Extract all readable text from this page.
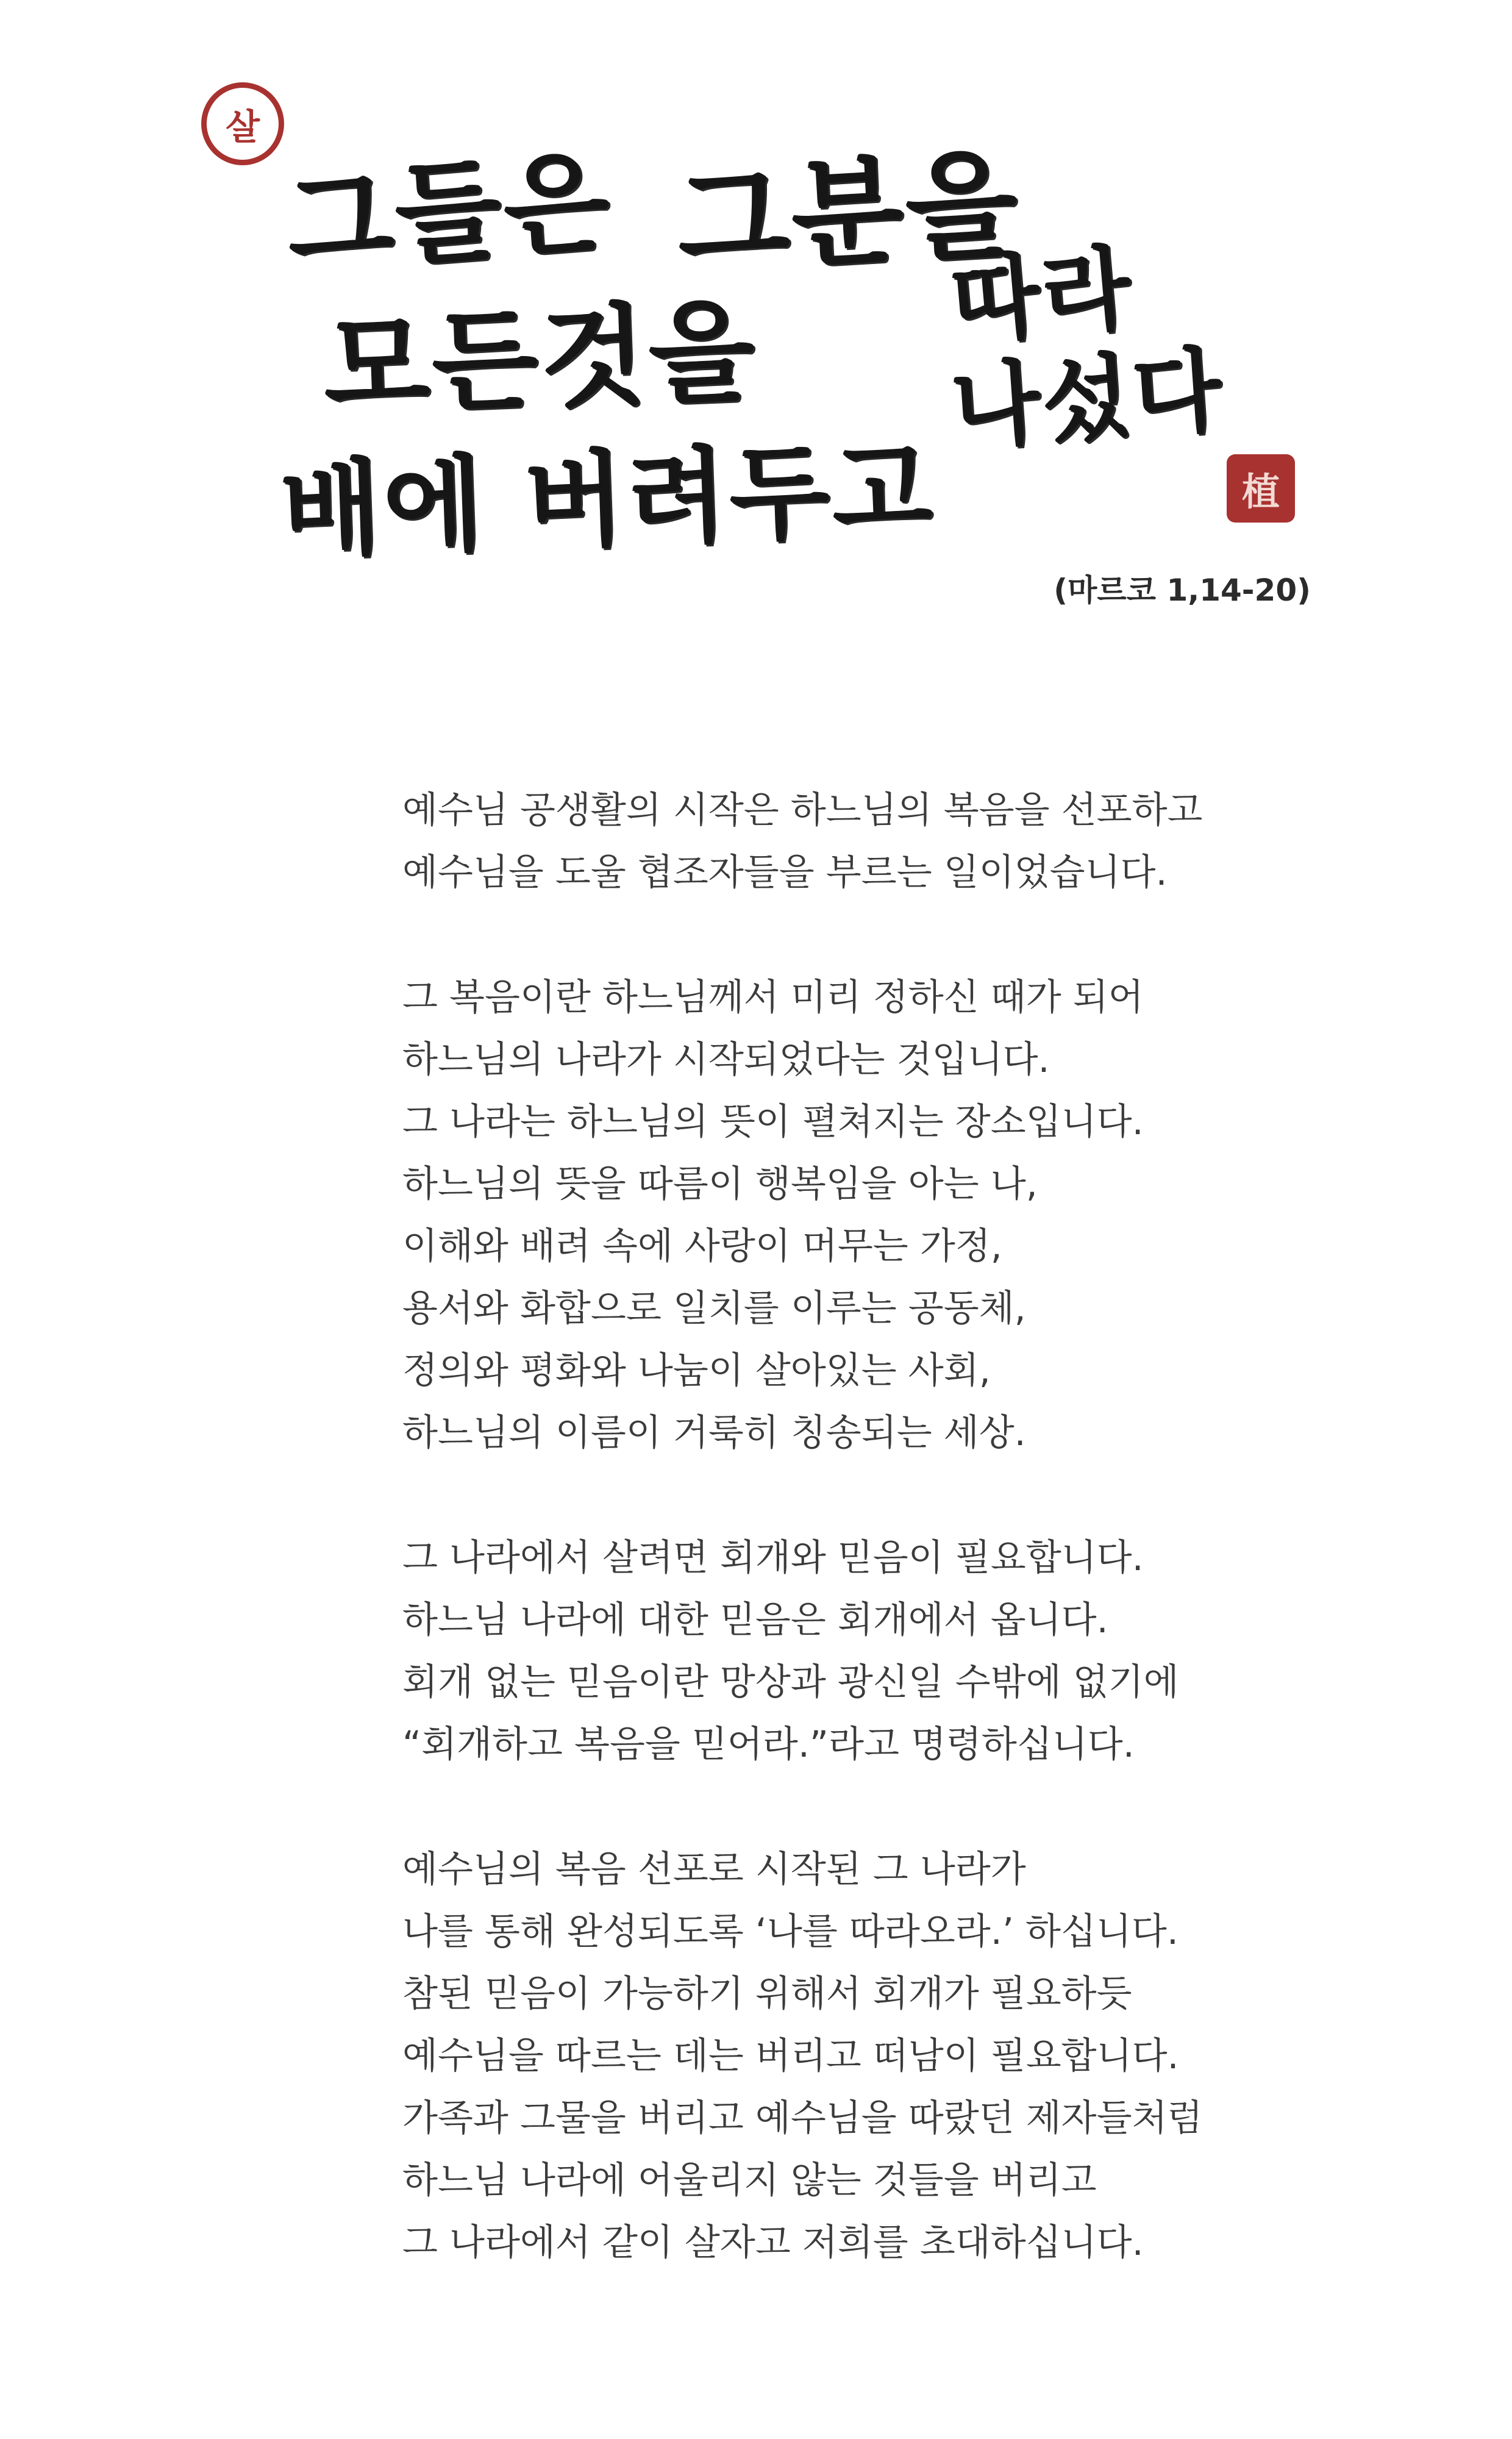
살

그들은 그분을

따라

모든것을 나섰다

배에 버려두고	植
(마르코 1,14-20)
예수님 공생활의 시작은 하느님의 복음을 선포하고
예수님을 도울 협조자들을 부르는 일이었습니다.
그 복음이란 하느님께서 미리 정하신 때가 되어
하느님의 나라가 시작되었다는 것입니다.
그 나라는 하느님의 뜻이 펼쳐지는 장소입니다.
하느님의 뜻을 따름이 행복임을 아는 나,
이해와 배려 속에 사랑이 머무는 가정,
용서와 화합으로 일치를 이루는 공동체,
정의와 평화와 나눔이 살아있는 사회,
하느님의 이름이 거룩히 칭송되는 세상.
그 나라에서 살려면 회개와 믿음이 필요합니다.
하느님 나라에 대한 믿음은 회개에서 옵니다.
회개 없는 믿음이란 망상과 광신일 수밖에 없기에
“회개하고 복음을 믿어라.”라고 명령하십니다.
예수님의 복음 선포로 시작된 그 나라가
나를 통해 완성되도록 ‘나를 따라오라.’ 하십니다.
참된 믿음이 가능하기 위해서 회개가 필요하듯
예수님을 따르는 데는 버리고 떠남이 필요합니다.
가족과 그물을 버리고 예수님을 따랐던 제자들처럼
하느님 나라에 어울리지 않는 것들을 버리고
그 나라에서 같이 살자고 저희를 초대하십니다.
